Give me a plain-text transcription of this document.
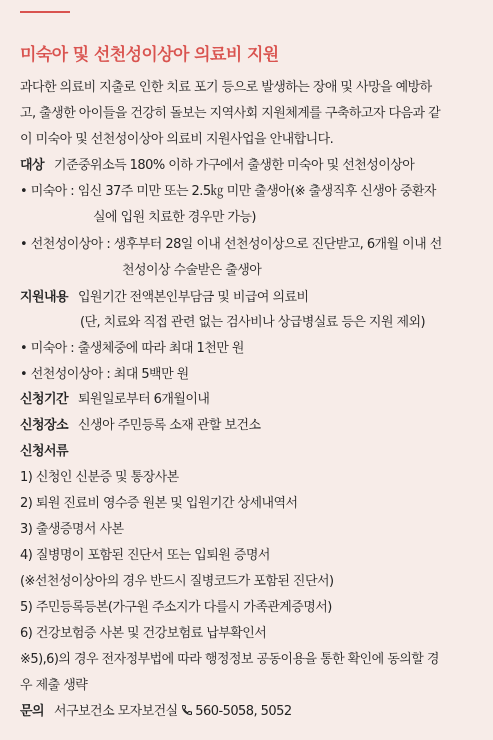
미숙아 및 선천성이상아 의료비 지원
과다한 의료비 지출로 인한 치료 포기 등으로 발생하는 장애 및 사망을 예방하
고, 출생한 아이들을 건강히 돌보는 지역사회 지원체계를 구축하고자 다음과 같
이 미숙아 및 선천성이상아 의료비 지원사업을 안내합니다.
대상 기준중위소득 180% 이하 가구에서 출생한 미숙아 및 선천성이상아
• 미숙아 : 임신 37주 미만 또는 2.5㎏ 미만 출생아(※ 출생직후 신생아 중환자
실에 입원 치료한 경우만 가능)
• 선천성이상아 : 생후부터 28일 이내 선천성이상으로 진단받고, 6개월 이내 선
천성이상 수술받은 출생아
지원내용 입원기간 전액본인부담금 및 비급여 의료비
(단, 치료와 직접 관련 없는 검사비나 상급병실료 등은 지원 제외)
• 미숙아 : 출생체중에 따라 최대 1천만 원
• 선천성이상아 : 최대 5백만 원
신청기간 퇴원일로부터 6개월이내
신청장소 신생아 주민등록 소재 관할 보건소
신청서류
1) 신청인 신분증 및 통장사본
2) 퇴원 진료비 영수증 원본 및 입원기간 상세내역서
3) 출생증명서 사본
4) 질병명이 포함된 진단서 또는 입퇴원 증명서
(※선천성이상아의 경우 반드시 질병코드가 포함된 진단서)
5) 주민등록등본(가구원 주소지가 다를시 가족관계증명서)
6) 건강보험증 사본 및 건강보험료 납부확인서
※5),6)의 경우 전자정부법에 따라 행정정보 공동이용을 통한 확인에 동의할 경
우 제출 생략
문의 서구보건소 모자보건실 560-5058, 5052
